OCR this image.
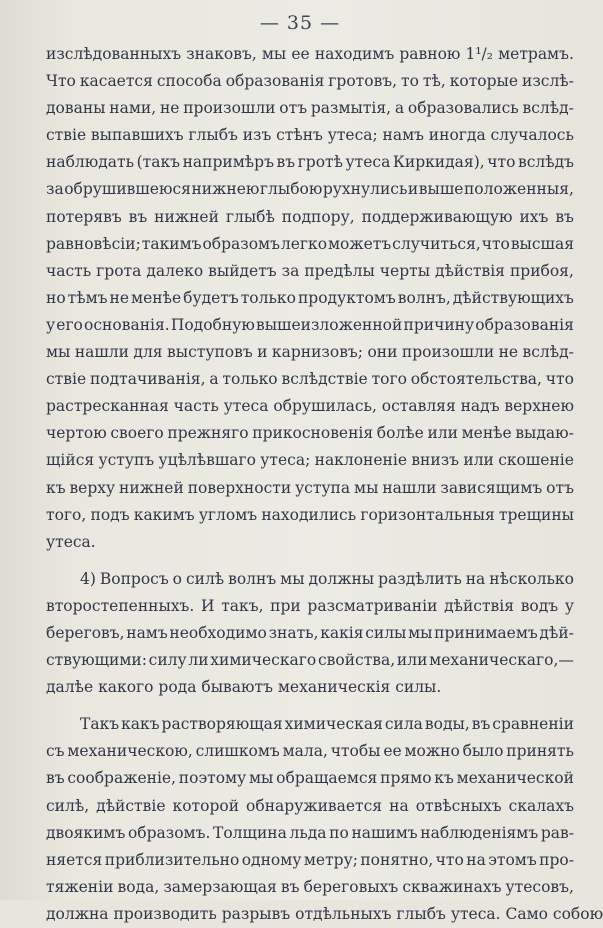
— 35 —
изслѣдованныхъ знаковъ, мы ее находимъ равною 1¹/₂ метрамъ.
Что касается способа образованія гротовъ, то тѣ, которые изслѣ-
дованы нами, не произошли отъ размытія, а образовались вслѣд-
ствіе выпавшихъ глыбъ изъ стѣнъ утеса; намъ иногда случалось
наблюдать (такъ напримѣръ въ гротѣ утеса Киркидая), что вслѣдъ
за обрушившеюся нижнею глыбою рухнулись и выше положенныя,
потерявъ въ нижней глыбѣ подпору, поддерживающую ихъ въ
равновѣсіи; такимъ образомъ легко можетъ случиться, что высшая
часть грота далеко выйдетъ за предѣлы черты дѣйствія прибоя,
но тѣмъ не менѣе будетъ только продуктомъ волнъ, дѣйствующихъ
у его основанія. Подобную вышеизложенной причину образованія
мы нашли для выступовъ и карнизовъ; они произошли не вслѣд-
ствіе подтачиванія, а только вслѣдствіе того обстоятельства, что
растресканная часть утеса обрушилась, оставляя надъ верхнею
чертою своего прежняго прикосновенія болѣе или менѣе выдаю-
щійся уступъ уцѣлѣвшаго утеса; наклоненіе внизъ или скошеніе
къ верху нижней поверхности уступа мы нашли зависящимъ отъ
того, подъ какимъ угломъ находились горизонтальныя трещины
утеса.
4) Вопросъ о силѣ волнъ мы должны раздѣлить на нѣсколько
второстепенныхъ. И такъ, при разсматриваніи дѣйствія водъ у
береговъ, намъ необходимо знать, какія силы мы принимаемъ дѣй-
ствующими: силу ли химическаго свойства, или механическаго,—
далѣе какого рода бываютъ механическія силы.
Такъ какъ растворяющая химическая сила воды, въ сравненіи
съ механическою, слишкомъ мала, чтобы ее можно было принять
въ соображеніе, поэтому мы обращаемся прямо къ механической
силѣ, дѣйствіе которой обнаруживается на отвѣсныхъ скалахъ
двоякимъ образомъ. Толщина льда по нашимъ наблюденіямъ рав-
няется приблизительно одному метру; понятно, что на этомъ про-
тяженіи вода, замерзающая въ береговыхъ скважинахъ утесовъ,
должна производить разрывъ отдѣльныхъ глыбъ утеса. Само собою
